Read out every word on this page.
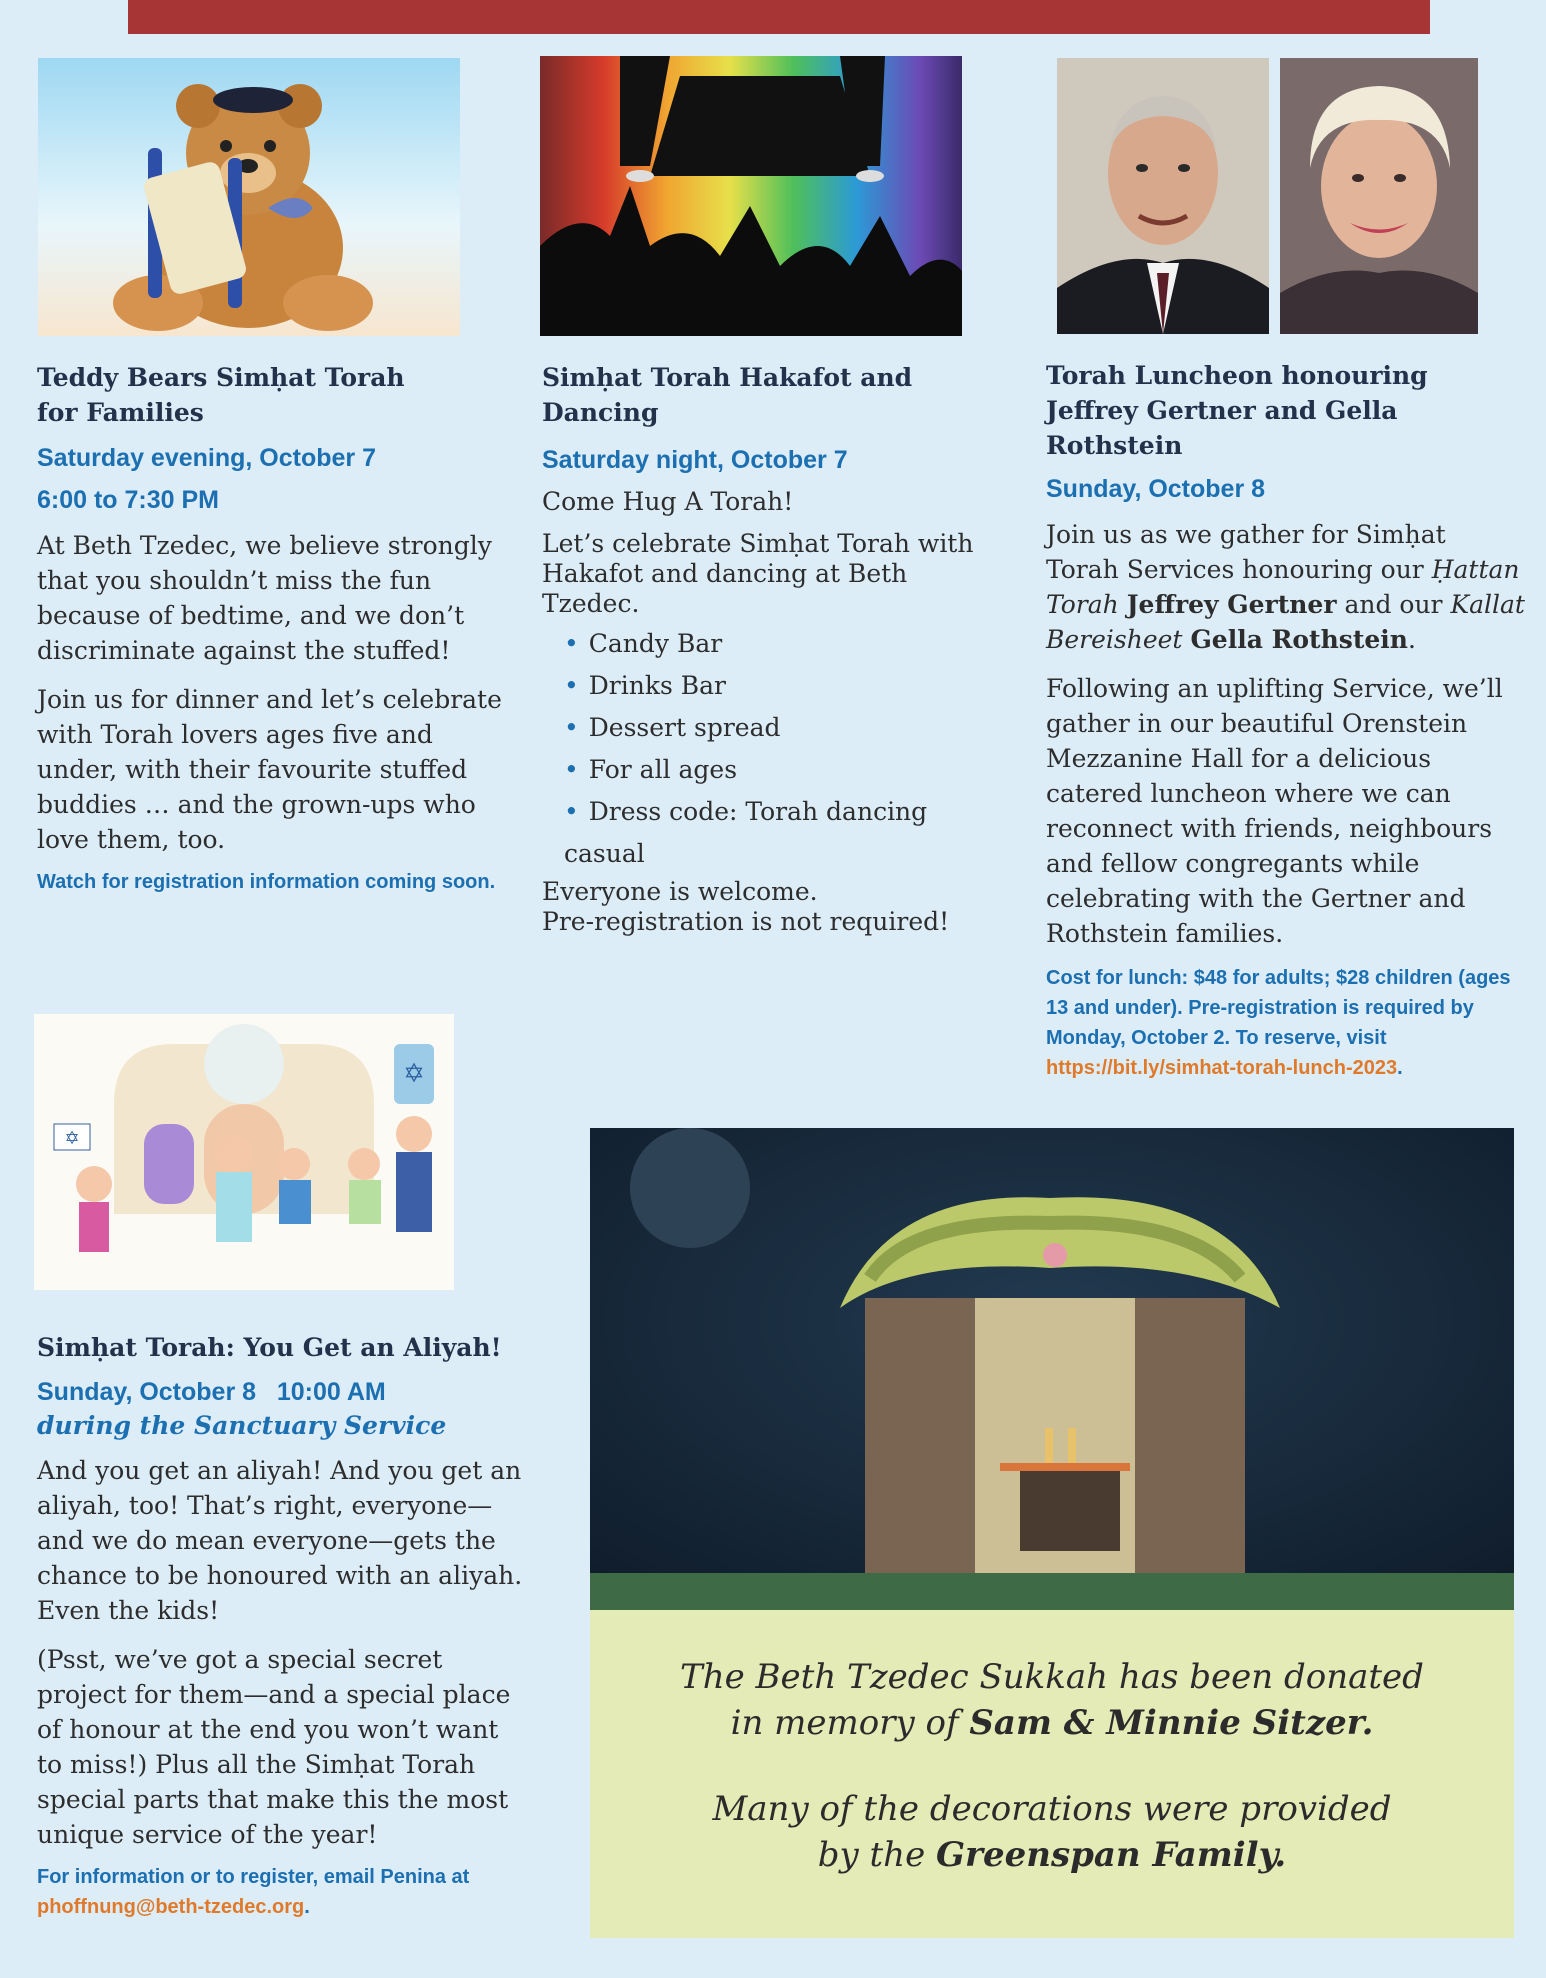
Teddy Bears Simḥat Torah
for Families

Saturday evening, October 7

6:00 to 7:30 PM

At Beth Tzedec, we believe strongly that you shouldn’t miss the fun because of bedtime, and we don’t discriminate against the stuffed!

Join us for dinner and let’s celebrate with Torah lovers ages five and under, with their favourite stuffed buddies … and the grown-ups who love them, too.

Watch for registration information coming soon.

Simḥat Torah Hakafot and Dancing

Saturday night, October 7

Come Hug A Torah!

Let’s celebrate Simḥat Torah with Hakafot and dancing at Beth Tzedec.

• Candy Bar
• Drinks Bar
• Dessert spread
• For all ages
• Dress code: Torah dancing casual

Everyone is welcome.
Pre-registration is not required!

Torah Luncheon honouring
Jeffrey Gertner and Gella Rothstein

Sunday, October 8

Join us as we gather for Simḥat Torah Services honouring our Ḥattan Torah Jeffrey Gertner and our Kallat Bereisheet Gella Rothstein.

Following an uplifting Service, we’ll gather in our beautiful Orenstein Mezzanine Hall for a delicious catered luncheon where we can reconnect with friends, neighbours and fellow congregants while celebrating with the Gertner and Rothstein families.

Cost for lunch: $48 for adults; $28 children (ages 13 and under). Pre-registration is required by Monday, October 2. To reserve, visit https://bit.ly/simhat-torah-lunch-2023.

✡
✡

Simḥat Torah: You Get an Aliyah!

Sunday, October 8 10:00 AM
during the Sanctuary Service

And you get an aliyah! And you get an aliyah, too! That’s right, everyone—and we do mean everyone—gets the chance to be honoured with an aliyah. Even the kids!

(Psst, we’ve got a special secret project for them—and a special place of honour at the end you won’t want to miss!) Plus all the Simḥat Torah special parts that make this the most unique service of the year!

For information or to register, email Penina at phoffnung@beth-tzedec.org.

The Beth Tzedec Sukkah has been donated

in memory of Sam & Minnie Sitzer.

Many of the decorations were provided

by the Greenspan Family.
